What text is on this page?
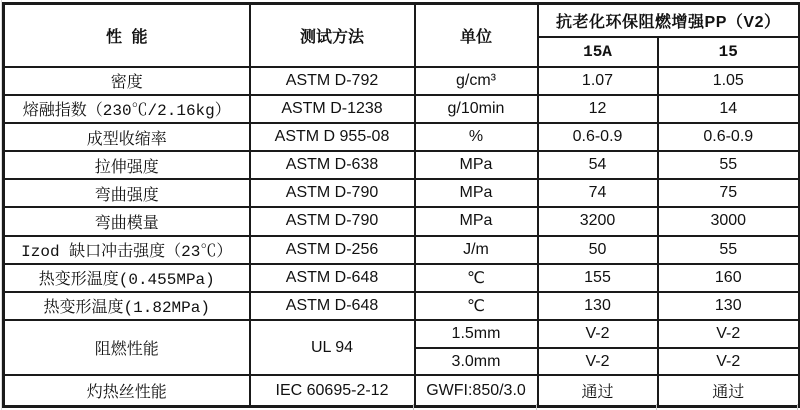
性 能	测试方法	单位	抗老化环保阻燃增强PP（V2）	
			15A	15
密度	ASTM D-792	g/cm³	1.07	1.05
熔融指数（230℃/2.16kg）	ASTM D-1238	g/10min	12	14
成型收缩率	ASTM D 955-08	%	0.6-0.9	0.6-0.9
拉伸强度	ASTM D-638	MPa	54	55
弯曲强度	ASTM D-790	MPa	74	75
弯曲模量	ASTM D-790	MPa	3200	3000
Izod 缺口冲击强度（23℃）	ASTM D-256	J/m	50	55
热变形温度(0.455MPa)	ASTM D-648	℃	155	160
热变形温度(1.82MPa)	ASTM D-648	℃	130	130
阻燃性能	UL 94	1.5mm	V-2	V-2
		3.0mm	V-2	V-2
灼热丝性能	IEC 60695-2-12	GWFI:850/3.0	通过	通过
